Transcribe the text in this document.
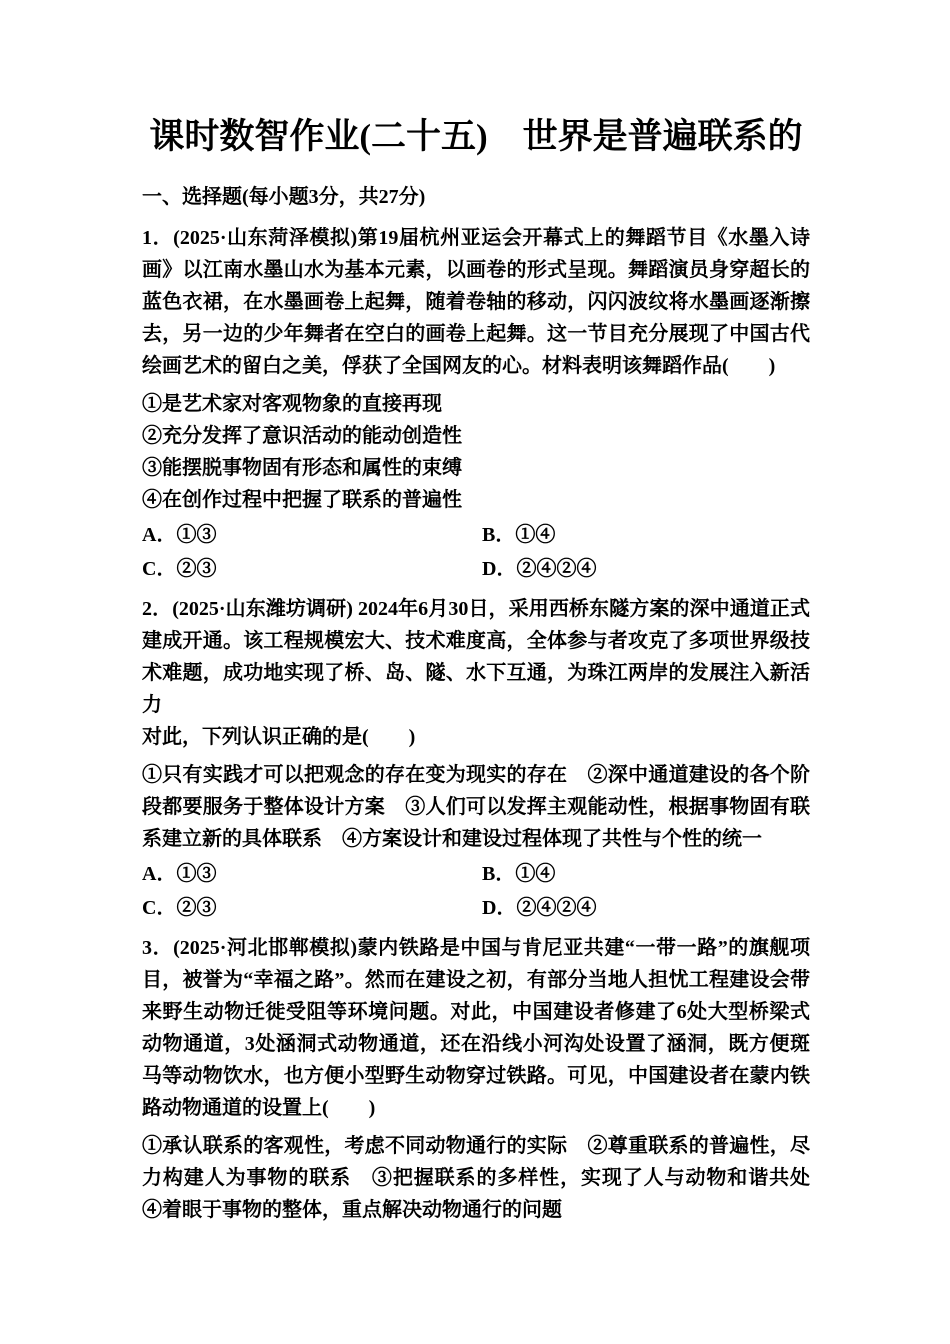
课时数智作业(二十五)　世界是普遍联系的
一、选择题(每小题3分，共27分)

1．(2025·山东菏泽模拟)第19届杭州亚运会开幕式上的舞蹈节目《水墨入诗画》以江南水墨山水为基本元素，以画卷的形式呈现。舞蹈演员身穿超长的蓝色衣裙，在水墨画卷上起舞，随着卷轴的移动，闪闪波纹将水墨画逐渐擦去，另一边的少年舞者在空白的画卷上起舞。这一节目充分展现了中国古代绘画艺术的留白之美，俘获了全国网友的心。材料表明该舞蹈作品(　　)

①是艺术家对客观物象的直接再现
②充分发挥了意识活动的能动创造性
③能摆脱事物固有形态和属性的束缚
④在创作过程中把握了联系的普遍性
A．①③	B．①④
C．②③	D．②④②④

2．(2025·山东潍坊调研) 2024年6月30日，采用西桥东隧方案的深中通道正式建成开通。该工程规模宏大、技术难度高，全体参与者攻克了多项世界级技术难题，成功地实现了桥、岛、隧、水下互通，为珠江两岸的发展注入新活力

对此，下列认识正确的是(　　)

①只有实践才可以把观念的存在变为现实的存在　②深中通道建设的各个阶段都要服务于整体设计方案　③人们可以发挥主观能动性，根据事物固有联系建立新的具体联系　④方案设计和建设过程体现了共性与个性的统一

A．①③	B．①④
C．②③	D．②④②④

3．(2025·河北邯郸模拟)蒙内铁路是中国与肯尼亚共建“一带一路”的旗舰项目，被誉为“幸福之路”。然而在建设之初，有部分当地人担忧工程建设会带来野生动物迁徙受阻等环境问题。对此，中国建设者修建了6处大型桥梁式动物通道，3处涵洞式动物通道，还在沿线小河沟处设置了涵洞，既方便斑马等动物饮水，也方便小型野生动物穿过铁路。可见，中国建设者在蒙内铁路动物通道的设置上(　　)

①承认联系的客观性，考虑不同动物通行的实际　②尊重联系的普遍性，尽力构建人为事物的联系　③把握联系的多样性，实现了人与动物和谐共处　④着眼于事物的整体，重点解决动物通行的问题
